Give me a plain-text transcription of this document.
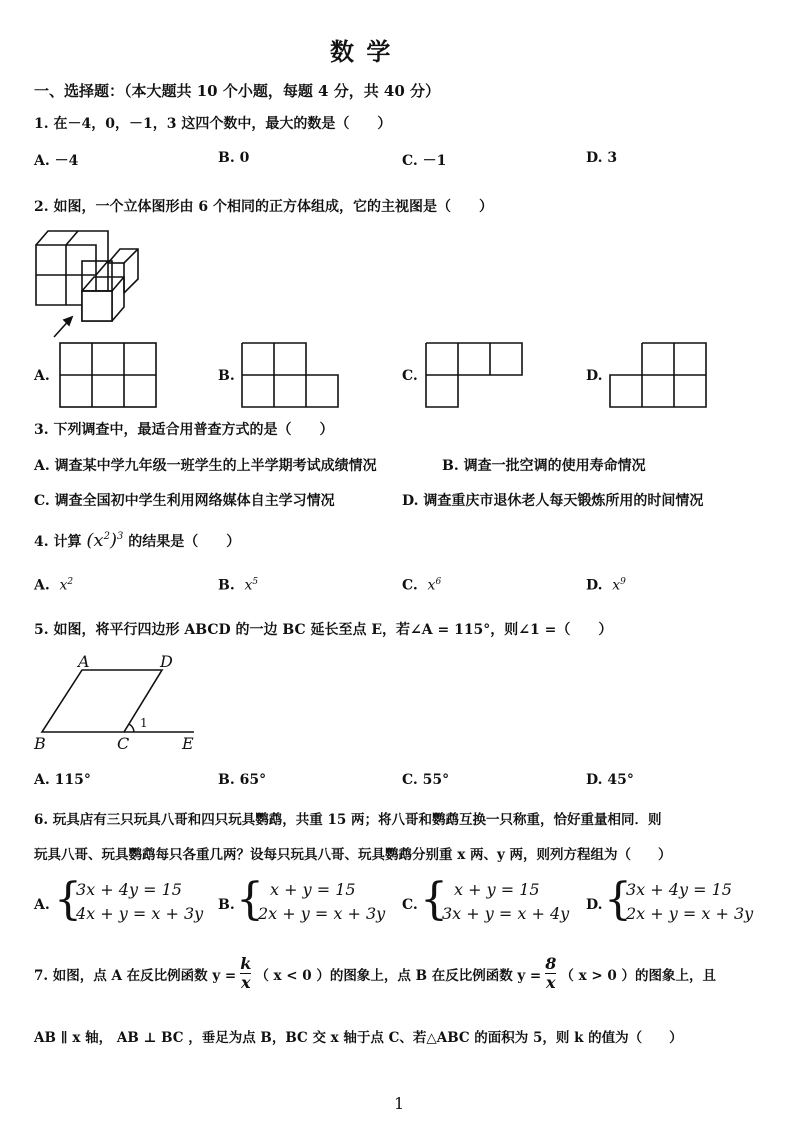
数 学
一、选择题：（本大题共 10 个小题，每题 4 分，共 40 分）
1. 在－4，0，－1，3 这四个数中，最大的数是（　　）
A. －4	B. 0	C. －1	D. 3
2. 如图，一个立体图形由 6 个相同的正方体组成，它的主视图是（　　）
A.	B.	C.	D.
3. 下列调查中，最适合用普查方式的是（　　）
A. 调查某中学九年级一班学生的上半学期考试成绩情况	B. 调查一批空调的使用寿命情况
C. 调查全国初中学生利用网络媒体自主学习情况	D. 调查重庆市退休老人每天锻炼所用的时间情况
4. 计算 $(x^2)^3$ 的结果是（　　）
A. $x^2$	B. $x^5$	C. $x^6$	D. $x^9$
5. 如图，将平行四边形 ABCD 的一边 BC 延长至点 E，若∠A = 115°，则∠1 =（　　）
A	D
B	C	E
1
A. 115°	B. 65°	C. 55°	D. 45°
6. 玩具店有三只玩具八哥和四只玩具鹦鹉，共重 15 两；将八哥和鹦鹉互换一只称重，恰好重量相同．则
玩具八哥、玩具鹦鹉每只各重几两？设每只玩具八哥、玩具鹦鹉分别重 x 两、y 两，则列方程组为（　　）
A. {
3x + 4y = 15
4x + y = x + 3y B. { x + y = 15
2x + y = x + 3y C. { x + y = 15
3x + y = x + 4y D. {
3x + 4y = 15
2x + y = x + 3y
7. 如图，点 A 在反比例函数 $y = \frac{k}{x}$ （ x < 0 ）的图象上，点 B 在反比例函数 $y = \frac{8}{x}$ （ x > 0 ）的图象上，且
AB ∥ x 轴， AB ⊥ BC ，垂足为点 B，BC 交 x 轴于点 C、若△ABC 的面积为 5，则 k 的值为（　　）
1
